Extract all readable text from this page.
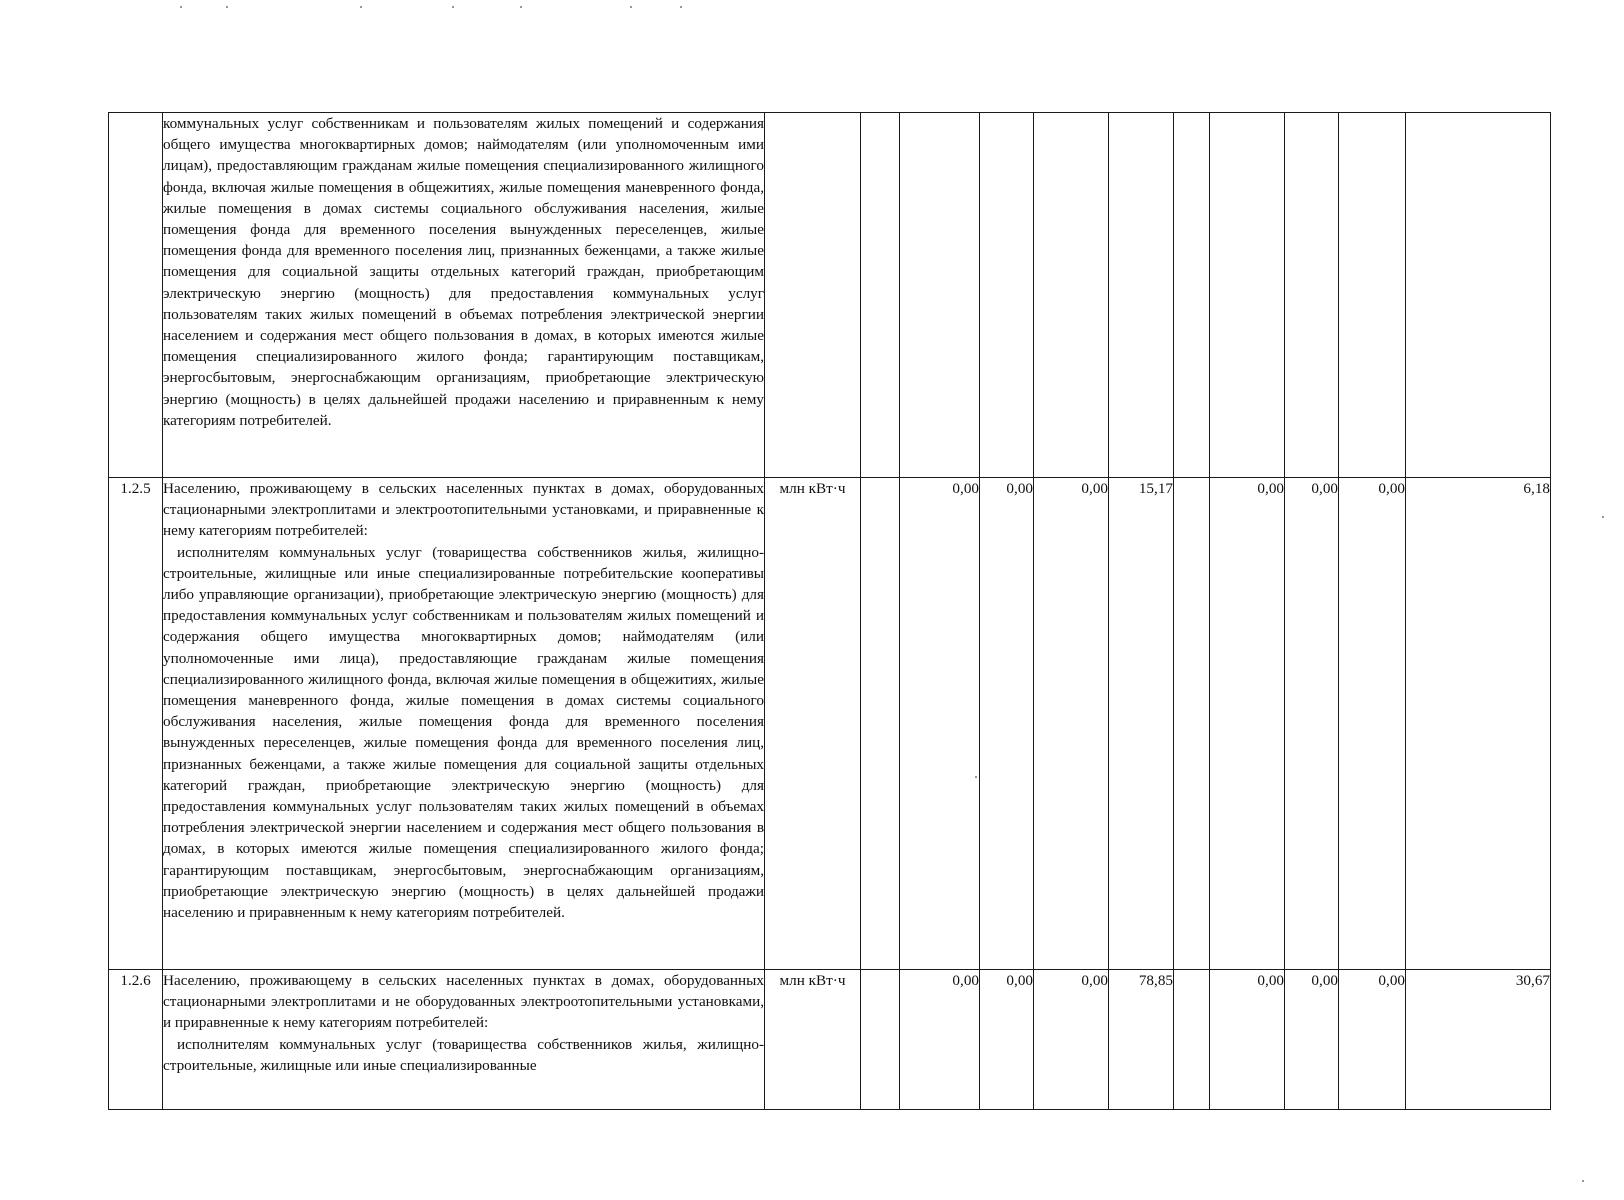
	коммунальных услуг собственникам и пользователям жилых помещений и содержания общего имущества многоквартирных домов; наймодателям (или уполномоченным ими лицам), предоставляющим гражданам жилые помещения специализированного жилищного фонда, включая жилые помещения в общежитиях, жилые помещения маневренного фонда, жилые помещения в домах системы социального обслуживания населения, жилые помещения фонда для временного поселения вынужденных переселенцев, жилые помещения фонда для временного поселения лиц, признанных беженцами, а также жилые помещения для социальной защиты отдельных категорий граждан, приобретающим электрическую энергию (мощность) для предоставления коммунальных услуг пользователям таких жилых помещений в объемах потребления электрической энергии населением и содержания мест общего пользования в домах, в которых имеются жилые помещения специализированного жилого фонда; гарантирующим поставщикам, энергосбытовым, энергоснабжающим организациям, приобретающие электрическую энергию (мощность) в целях дальнейшей продажи населению и приравненным к нему категориям потребителей.											

1.2.5	Населению, проживающему в сельских населенных пунктах в домах, оборудованных стационарными электроплитами и электроотопительными установками, и приравненные к нему категориям потребителей:

исполнителям коммунальных услуг (товарищества собственников жилья, жилищно-строительные, жилищные или иные специализированные потребительские кооперативы либо управляющие организации), приобретающие электрическую энергию (мощность) для предоставления коммунальных услуг собственникам и пользователям жилых помещений и содержания общего имущества многоквартирных домов; наймодателям (или уполномоченные ими лица), предоставляющие гражданам жилые помещения специализированного жилищного фонда, включая жилые помещения в общежитиях, жилые помещения маневренного фонда, жилые помещения в домах системы социального обслуживания населения, жилые помещения фонда для временного поселения вынужденных переселенцев, жилые помещения фонда для временного поселения лиц, признанных беженцами, а также жилые помещения для социальной защиты отдельных категорий граждан, приобретающие электрическую энергию (мощность) для предоставления коммунальных услуг пользователям таких жилых помещений в объемах потребления электрической энергии населением и содержания мест общего пользования в домах, в которых имеются жилые помещения специализированного жилого фонда; гарантирующим поставщикам, энергосбытовым, энергоснабжающим организациям, приобретающие электрическую энергию (мощность) в целях дальнейшей продажи населению и приравненным к нему категориям потребителей.	млн кВт·ч		0,00	0,00	0,00	15,17		0,00	0,00	0,00	6,18
1.2.6	Населению, проживающему в сельских населенных пунктах в домах, оборудованных стационарными электроплитами и не оборудованных электроотопительными установками, и приравненные к нему категориям потребителей:

исполнителям коммунальных услуг (товарищества собственников жилья, жилищно-строительные, жилищные или иные специализированные	млн кВт·ч		0,00	0,00	0,00	78,85		0,00	0,00	0,00	30,67
